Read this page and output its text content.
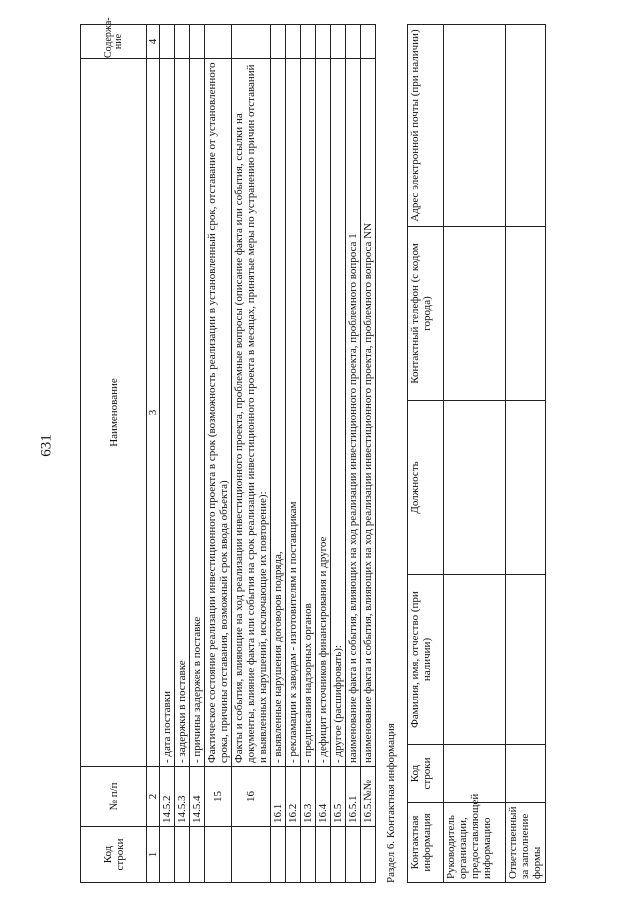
631
Код строки	№ п/п	Наименование	Содержа-ние
1	2	3	4
	14.5.2	- дата поставки	
	14.5.3	- задержки в поставке	
	14.5.4	- причины задержек в поставке	
	15	Фактическое состояние реализации инвестиционного проекта в срок (возможность реализации в установленный срок, отставание от установленного срока, причины отставания, возможный срок ввода объекта)	
	16	Факты и события, влияющие на ход реализации инвестиционного проекта, проблемные вопросы (описание факта или события, ссылки на документы, влияние факта или события на срок реализации инвестиционного проекта в месяцах, принятые меры по устранению причин отставаний и выявленных нарушений, исключающие их повторение):	
	16.1	- выявленные нарушения договоров подряда,	
	16.2	- рекламации к заводам - изготовителям и поставщикам	
	16.3	- предписания надзорных органов	
	16.4	- дефицит источников финансирования и другое	
	16.5	- другое (расшифровать):	
	16.5.1	наименование факта и события, влияющих на ход реализации инвестиционного проекта, проблемного вопроса 1	
	16.5.№№	наименование факта и события, влияющих на ход реализации инвестиционного проекта, проблемного вопроса NN	
Раздел 6. Контактная информация Контактная информация	Код строки	Фамилия, имя, отчество (при наличии)	Должность	Контактный телефон (с кодом города)	Адрес электронной почты (при наличии)
Руководитель организации, предоставляющей информацию					
Ответственный за заполнение формы					
